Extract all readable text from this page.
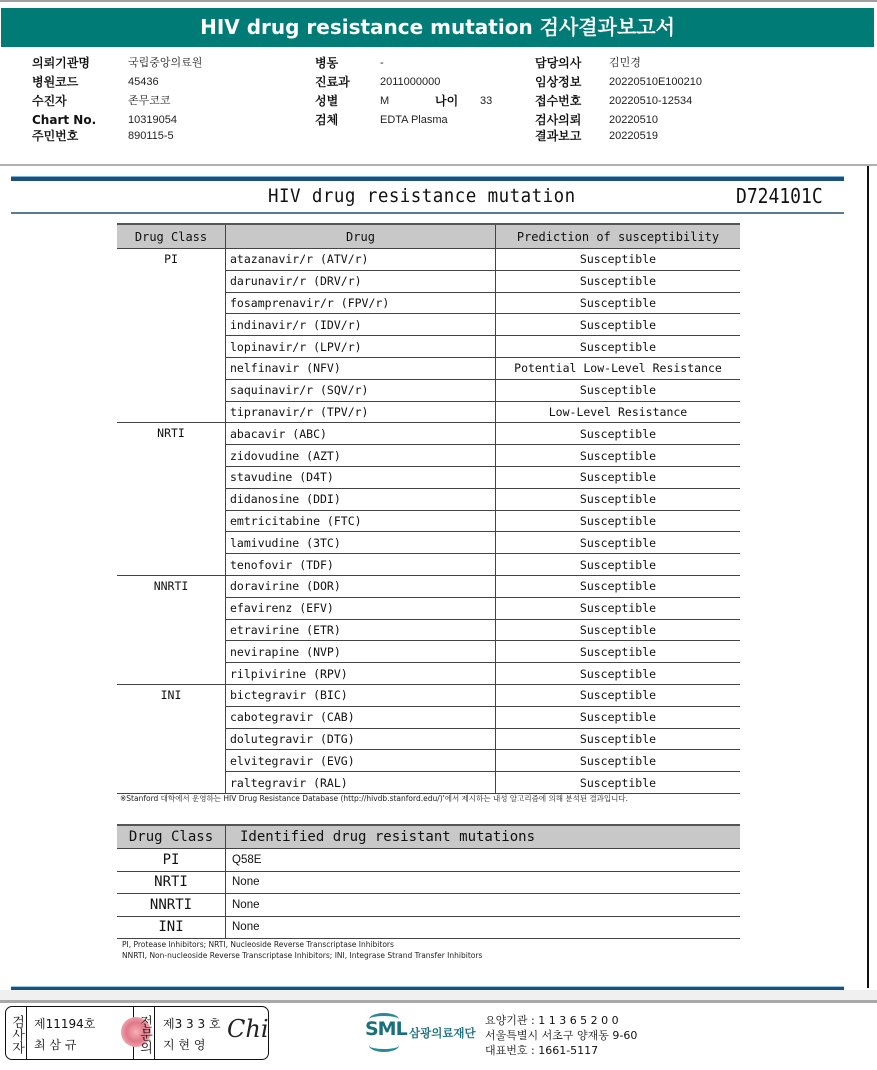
HIV drug resistance mutation 검사결과보고서
의뢰기관명	국립중앙의료원
병원코드	45436
수진자	존무코코
Chart No.	10319054
주민번호	890115-5
병동	-
진료과	2011000000
성별	M	나이 33
검체	EDTA Plasma
담당의사	김민경
임상정보	20220510E100210
접수번호	20220510-12534
검사의뢰	20220510
결과보고	20220519
HIV drug resistance mutation	D724101C
Drug Class	Drug	Prediction of susceptibility
PI	atazanavir/r (ATV/r)	Susceptible
	darunavir/r (DRV/r)	Susceptible
	fosamprenavir/r (FPV/r)	Susceptible
	indinavir/r (IDV/r)	Susceptible
	lopinavir/r (LPV/r)	Susceptible
	nelfinavir (NFV)	Potential Low-Level Resistance
	saquinavir/r (SQV/r)	Susceptible
	tipranavir/r (TPV/r)	Low-Level Resistance
NRTI	abacavir (ABC)	Susceptible
	zidovudine (AZT)	Susceptible
	stavudine (D4T)	Susceptible
	didanosine (DDI)	Susceptible
	emtricitabine (FTC)	Susceptible
	lamivudine (3TC)	Susceptible
	tenofovir (TDF)	Susceptible
NNRTI	doravirine (DOR)	Susceptible
	efavirenz (EFV)	Susceptible
	etravirine (ETR)	Susceptible
	nevirapine (NVP)	Susceptible
	rilpivirine (RPV)	Susceptible
INI	bictegravir (BIC)	Susceptible
	cabotegravir (CAB)	Susceptible
	dolutegravir (DTG)	Susceptible
	elvitegravir (EVG)	Susceptible
	raltegravir (RAL)	Susceptible
※Stanford 대학에서 운영하는 HIV Drug Resistance Database (http://hivdb.stanford.edu/)'에서 제시하는 내성 알고리즘에 의해 분석된 결과입니다.
Drug Class	Identified drug resistant mutations
PI	Q58E
NRTI	None
NNRTI	None
INI	None
PI, Protease Inhibitors; NRTI, Nucleoside Reverse Transcriptase Inhibitors
NNRTI, Non-nucleoside Reverse Transcriptase Inhibitors; INI, Integrase Strand Transfer Inhibitors
검사자 제11194호
최 삼 규	전문의 제3 3 3 호
지 현 영
Chi	SML 삼광의료재단
요양기관 : 1 1 3 6 5 2 0 0
서울특별시 서초구 양재동 9-60
대표번호 : 1661-5117
